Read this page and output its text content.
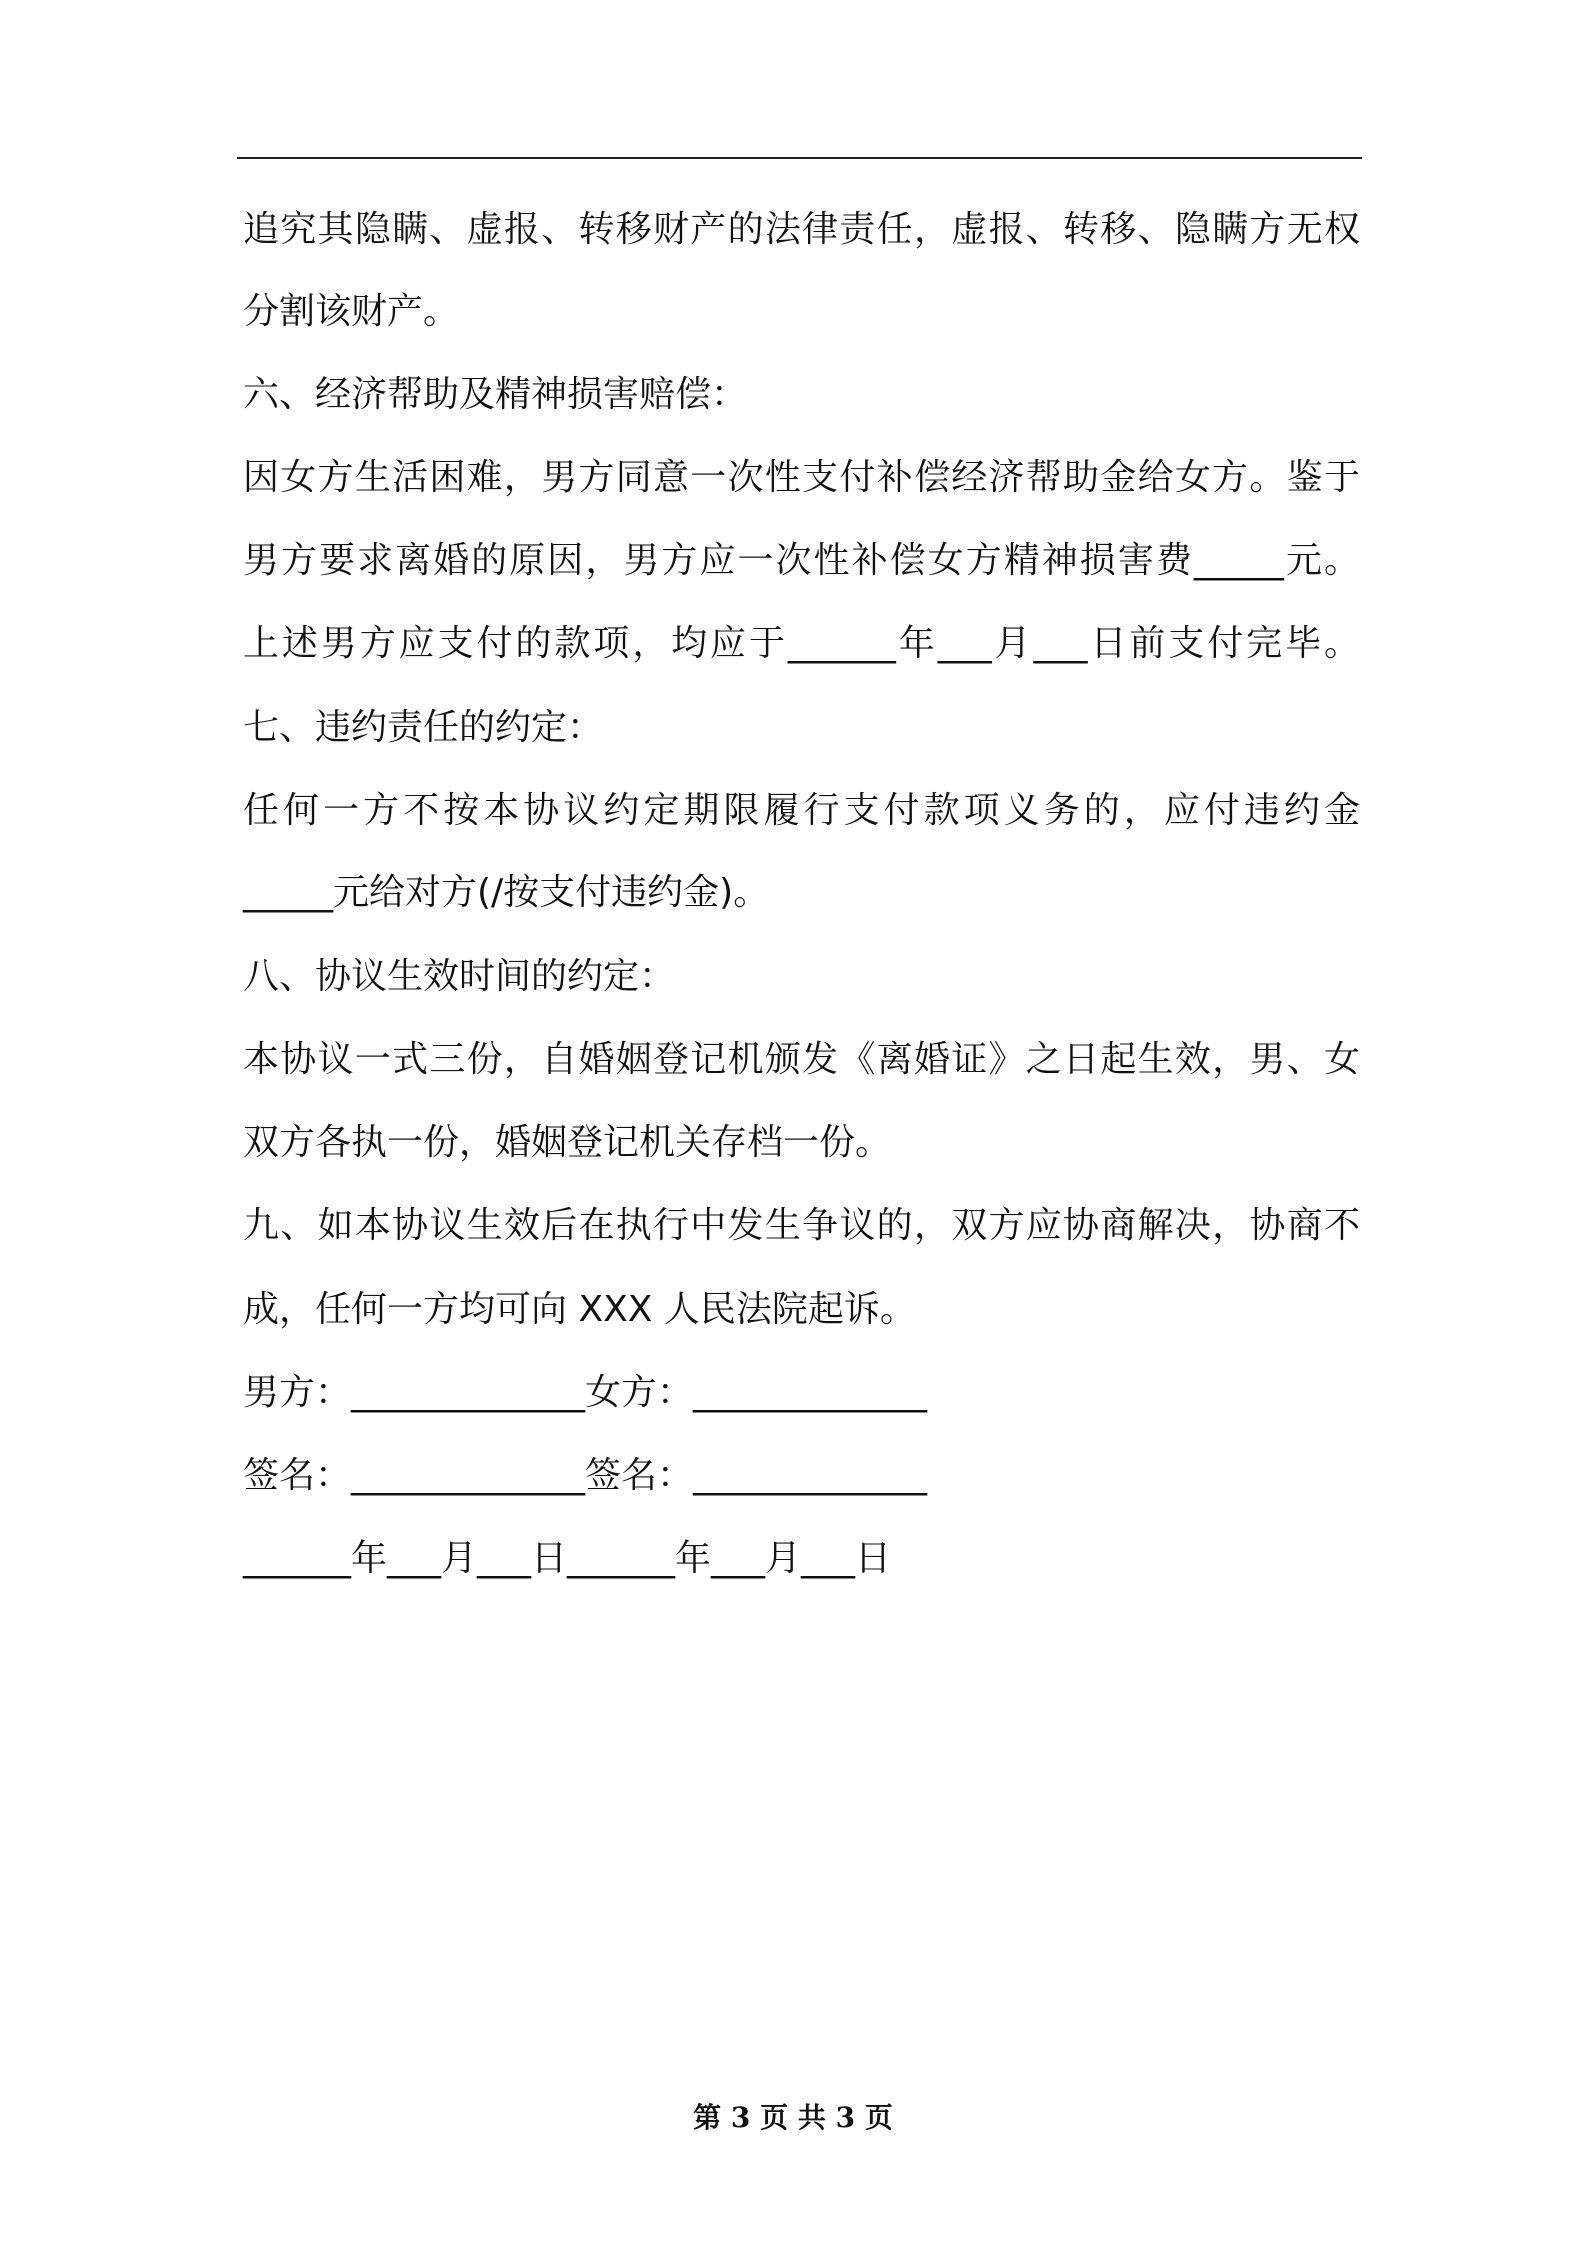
追究其隐瞒、虚报、转移财产的法律责任，虚报、转移、隐瞒方无权

分割该财产。

六、经济帮助及精神损害赔偿：

因女方生活困难，男方同意一次性支付补偿经济帮助金给女方。鉴于

男方要求离婚的原因，男方应一次性补偿女方精神损害费_____元。

上述男方应支付的款项，均应于______年___月___日前支付完毕。

七、违约责任的约定：

任何一方不按本协议约定期限履行支付款项义务的，应付违约金

_____元给对方(/按支付违约金)。

八、协议生效时间的约定：

本协议一式三份，自婚姻登记机颁发《离婚证》之日起生效，男、女

双方各执一份，婚姻登记机关存档一份。

九、如本协议生效后在执行中发生争议的，双方应协商解决，协商不

成，任何一方均可向 XXX 人民法院起诉。

男方：_____________女方：_____________

签名：_____________签名：_____________

______年___月___日______年___月___日

第 3 页 共 3 页
